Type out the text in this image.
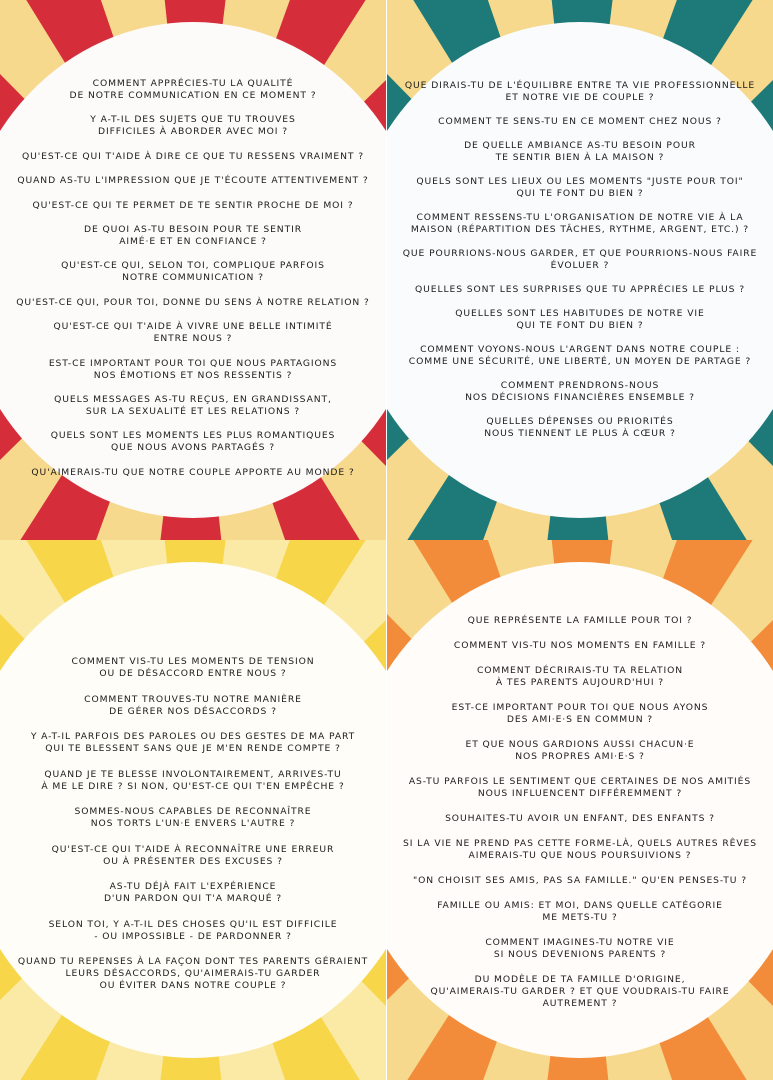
COMMENT APPRÉCIES-TU LA QUALITÉ
DE NOTRE COMMUNICATION EN CE MOMENT ?
Y A-T-IL DES SUJETS QUE TU TROUVES
DIFFICILES À ABORDER AVEC MOI ?
QU'EST-CE QUI T'AIDE À DIRE CE QUE TU RESSENS VRAIMENT ?
QUAND AS-TU L'IMPRESSION QUE JE T'ÉCOUTE ATTENTIVEMENT ?
QU'EST-CE QUI TE PERMET DE TE SENTIR PROCHE DE MOI ?
DE QUOI AS-TU BESOIN POUR TE SENTIR
AIMÉ·E ET EN CONFIANCE ?
QU'EST-CE QUI, SELON TOI, COMPLIQUE PARFOIS
NOTRE COMMUNICATION ?
QU'EST-CE QUI, POUR TOI, DONNE DU SENS À NOTRE RELATION ?
QU'EST-CE QUI T'AIDE À VIVRE UNE BELLE INTIMITÉ
ENTRE NOUS ?
EST-CE IMPORTANT POUR TOI QUE NOUS PARTAGIONS
NOS ÉMOTIONS ET NOS RESSENTIS ?
QUELS MESSAGES AS-TU REÇUS, EN GRANDISSANT,
SUR LA SEXUALITÉ ET LES RELATIONS ?
QUELS SONT LES MOMENTS LES PLUS ROMANTIQUES
QUE NOUS AVONS PARTAGÉS ?
QU'AIMERAIS-TU QUE NOTRE COUPLE APPORTE AU MONDE ?
QUE DIRAIS-TU DE L'ÉQUILIBRE ENTRE TA VIE PROFESSIONNELLE
ET NOTRE VIE DE COUPLE ?
COMMENT TE SENS-TU EN CE MOMENT CHEZ NOUS ?
DE QUELLE AMBIANCE AS-TU BESOIN POUR
TE SENTIR BIEN À LA MAISON ?
QUELS SONT LES LIEUX OU LES MOMENTS "JUSTE POUR TOI"
QUI TE FONT DU BIEN ?
COMMENT RESSENS-TU L'ORGANISATION DE NOTRE VIE À LA
MAISON (RÉPARTITION DES TÂCHES, RYTHME, ARGENT, ETC.) ?
QUE POURRIONS-NOUS GARDER, ET QUE POURRIONS-NOUS FAIRE
ÉVOLUER ?
QUELLES SONT LES SURPRISES QUE TU APPRÉCIES LE PLUS ?
QUELLES SONT LES HABITUDES DE NOTRE VIE
QUI TE FONT DU BIEN ?
COMMENT VOYONS-NOUS L'ARGENT DANS NOTRE COUPLE :
COMME UNE SÉCURITÉ, UNE LIBERTÉ, UN MOYEN DE PARTAGE ?
COMMENT PRENDRONS-NOUS
NOS DÉCISIONS FINANCIÈRES ENSEMBLE ?
QUELLES DÉPENSES OU PRIORITÉS
NOUS TIENNENT LE PLUS À CŒUR ?
COMMENT VIS-TU LES MOMENTS DE TENSION
OU DE DÉSACCORD ENTRE NOUS ?
COMMENT TROUVES-TU NOTRE MANIÈRE
DE GÉRER NOS DÉSACCORDS ?
Y A-T-IL PARFOIS DES PAROLES OU DES GESTES DE MA PART
QUI TE BLESSENT SANS QUE JE M'EN RENDE COMPTE ?
QUAND JE TE BLESSE INVOLONTAIREMENT, ARRIVES-TU
À ME LE DIRE ? SI NON, QU'EST-CE QUI T'EN EMPÊCHE ?
SOMMES-NOUS CAPABLES DE RECONNAÎTRE
NOS TORTS L'UN·E ENVERS L'AUTRE ?
QU'EST-CE QUI T'AIDE À RECONNAÎTRE UNE ERREUR
OU À PRÉSENTER DES EXCUSES ?
AS-TU DÉJÀ FAIT L'EXPÉRIENCE
D'UN PARDON QUI T'A MARQUÉ ?
SELON TOI, Y A-T-IL DES CHOSES QU'IL EST DIFFICILE
- OU IMPOSSIBLE - DE PARDONNER ?
QUAND TU REPENSES À LA FAÇON DONT TES PARENTS GÉRAIENT
LEURS DÉSACCORDS, QU'AIMERAIS-TU GARDER
OU ÉVITER DANS NOTRE COUPLE ?
QUE REPRÉSENTE LA FAMILLE POUR TOI ?
COMMENT VIS-TU NOS MOMENTS EN FAMILLE ?
COMMENT DÉCRIRAIS-TU TA RELATION
À TES PARENTS AUJOURD'HUI ?
EST-CE IMPORTANT POUR TOI QUE NOUS AYONS
DES AMI·E·S EN COMMUN ?
ET QUE NOUS GARDIONS AUSSI CHACUN·E
NOS PROPRES AMI·E·S ?
AS-TU PARFOIS LE SENTIMENT QUE CERTAINES DE NOS AMITIÉS
NOUS INFLUENCENT DIFFÉREMMENT ?
SOUHAITES-TU AVOIR UN ENFANT, DES ENFANTS ?
SI LA VIE NE PREND PAS CETTE FORME-LÀ, QUELS AUTRES RÊVES
AIMERAIS-TU QUE NOUS POURSUIVIONS ?
"ON CHOISIT SES AMIS, PAS SA FAMILLE." QU'EN PENSES-TU ?
FAMILLE OU AMIS: ET MOI, DANS QUELLE CATÉGORIE
ME METS-TU ?
COMMENT IMAGINES-TU NOTRE VIE
SI NOUS DEVENIONS PARENTS ?
DU MODÈLE DE TA FAMILLE D'ORIGINE,
QU'AIMERAIS-TU GARDER ? ET QUE VOUDRAIS-TU FAIRE
AUTREMENT ?
